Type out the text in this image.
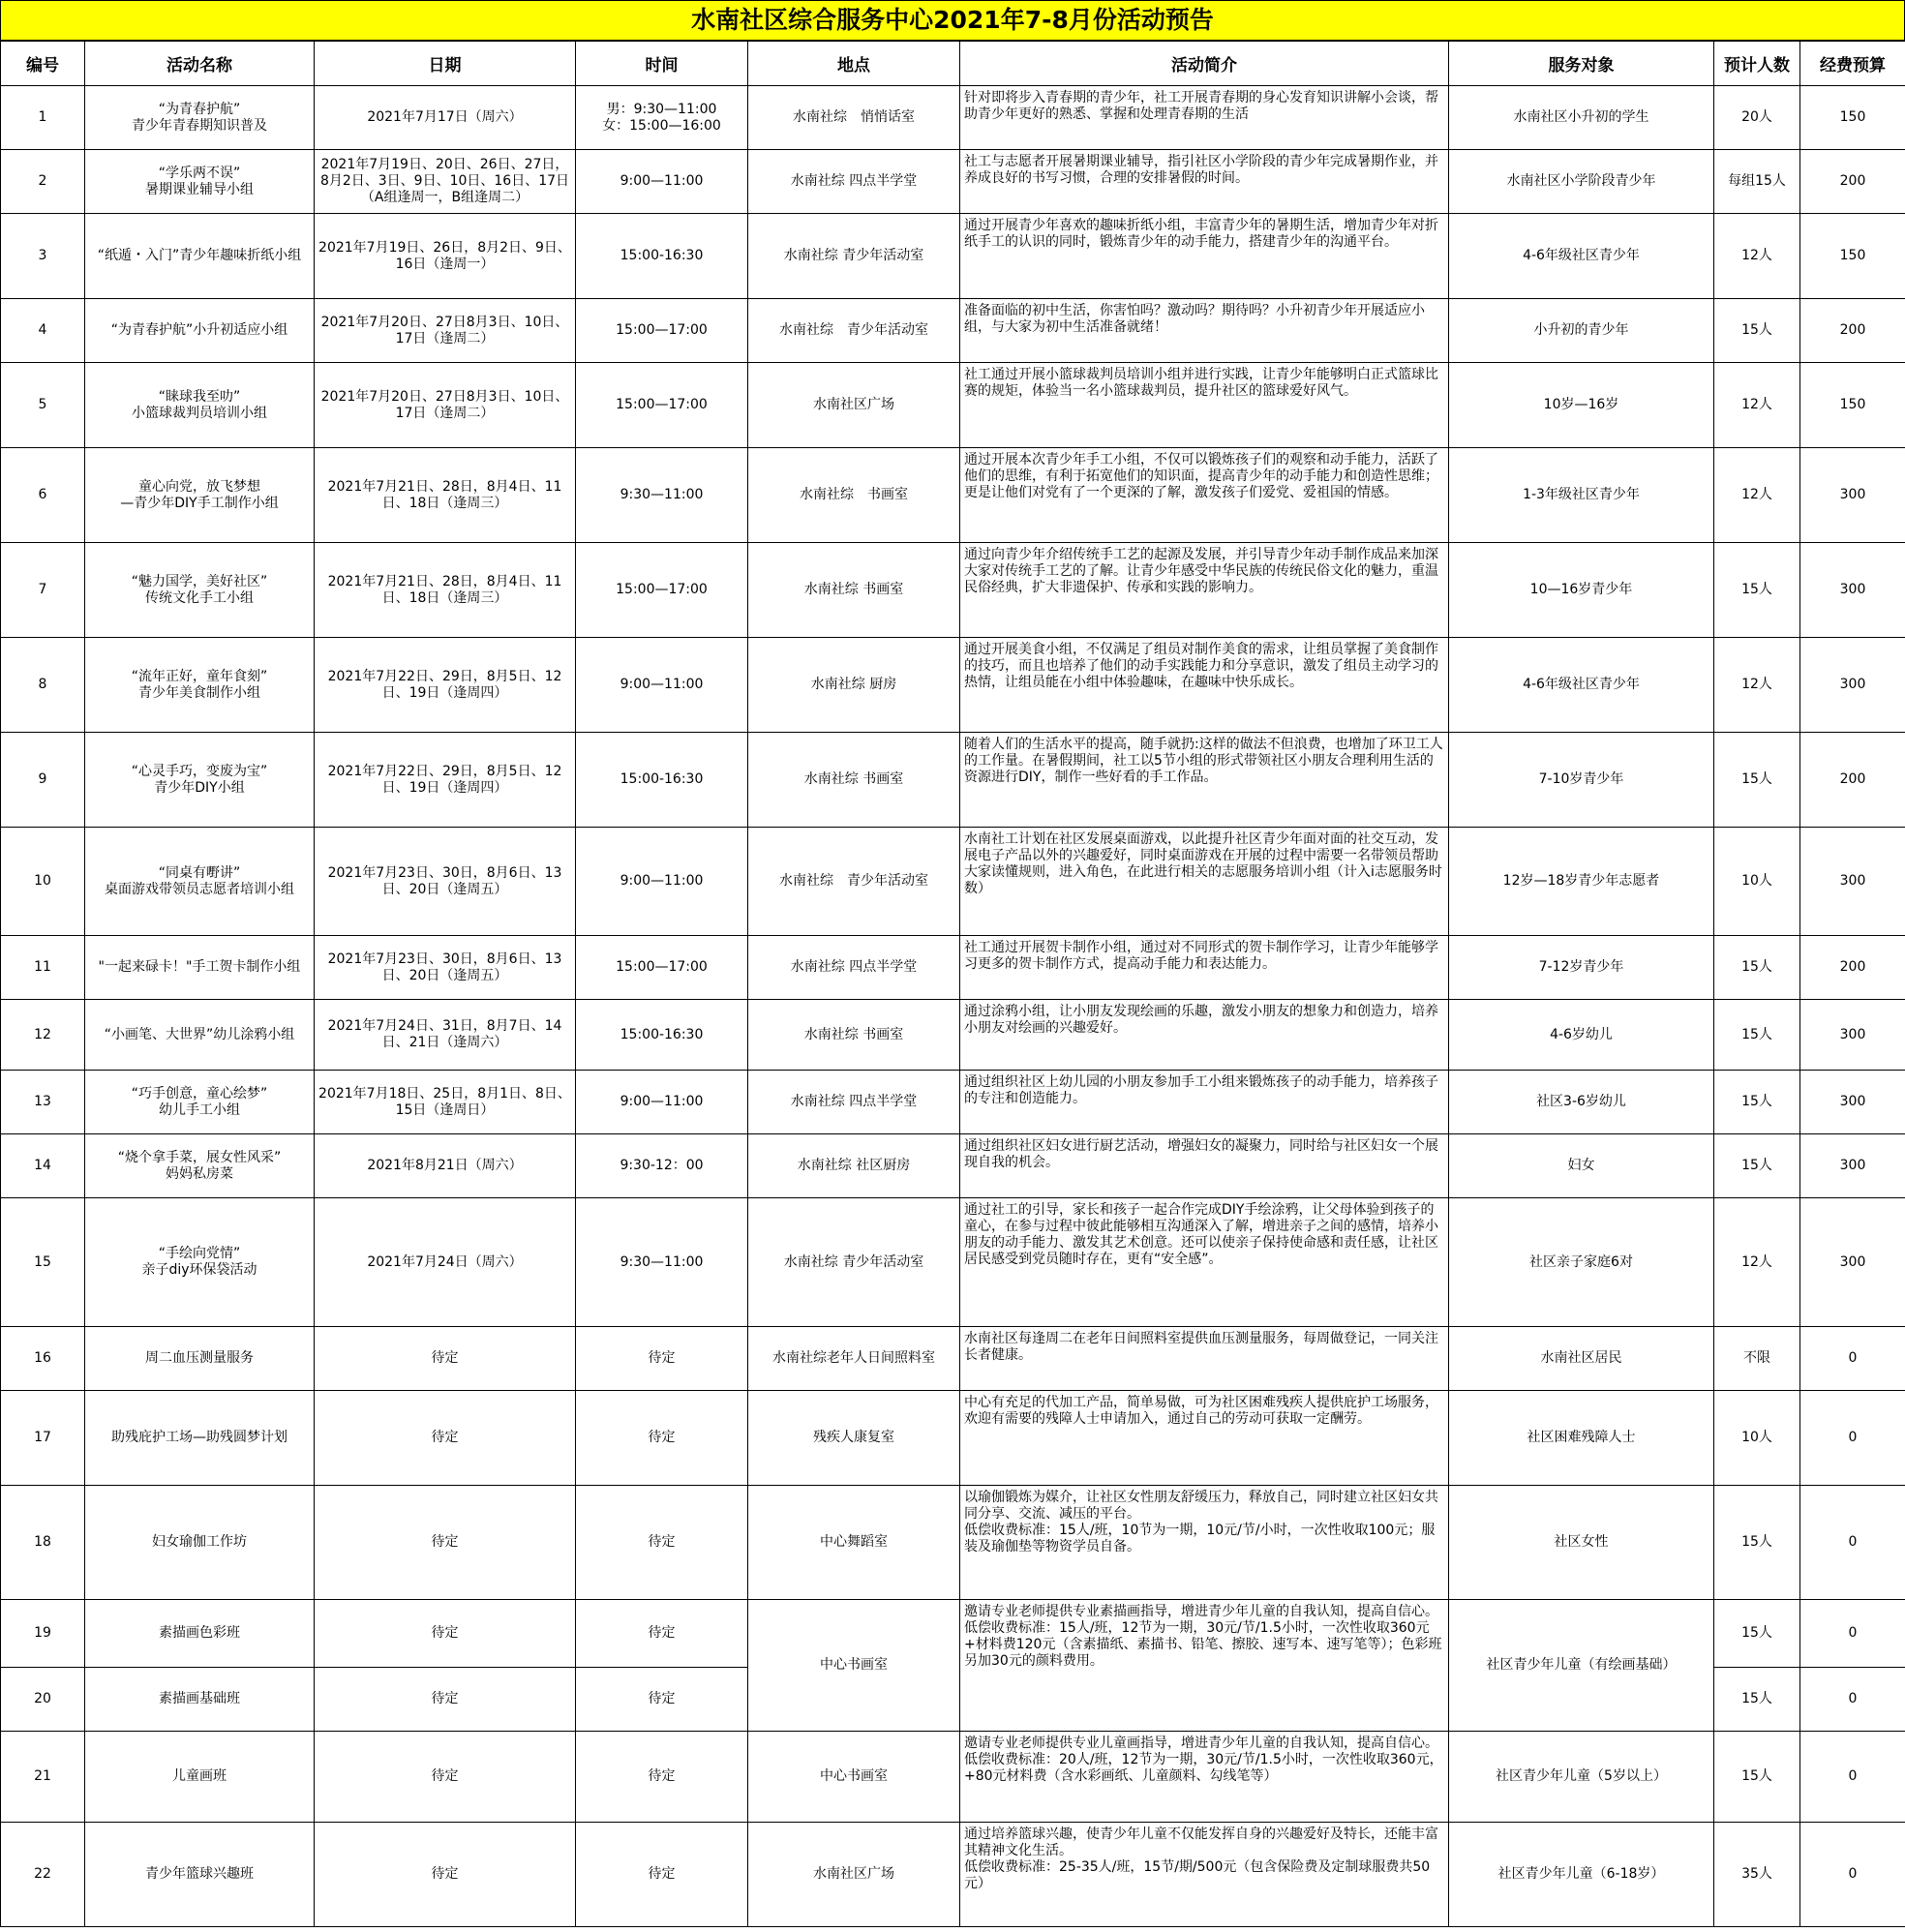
水南社区综合服务中心2021年7-8月份活动预告
编号	活动名称	日期	时间	地点	活动简介	服务对象	预计人数	经费预算
1	“为青春护航”
青少年青春期知识普及	2021年7月17日（周六）	男：9:30—11:00
女：15:00—16:00	水南社综　悄悄话室	针对即将步入青春期的青少年，社工开展青春期的身心发育知识讲解小会谈，帮助青少年更好的熟悉、掌握和处理青春期的生活	水南社区小升初的学生	20人	150
2	“学乐两不误”
暑期课业辅导小组	2021年7月19日、20日、26日、27日，8月2日、3日、9日、10日、16日、17日（A组逢周一，B组逢周二）	9:00—11:00	水南社综 四点半学堂	社工与志愿者开展暑期课业辅导，指引社区小学阶段的青少年完成暑期作业，并养成良好的书写习惯，合理的安排暑假的时间。	水南社区小学阶段青少年	每组15人	200
3	“纸遁・入门”青少年趣味折纸小组	2021年7月19日、26日，8月2日、9日、16日（逢周一）	15:00-16:30	水南社综 青少年活动室	通过开展青少年喜欢的趣味折纸小组，丰富青少年的暑期生活，增加青少年对折纸手工的认识的同时，锻炼青少年的动手能力，搭建青少年的沟通平台。	4-6年级社区青少年	12人	150
4	“为青春护航”小升初适应小组	2021年7月20日、27日8月3日、10日、17日（逢周二）	15:00—17:00	水南社综　青少年活动室	准备面临的初中生活，你害怕吗？激动吗？期待吗？小升初青少年开展适应小组，与大家为初中生活准备就绪！	小升初的青少年	15人	200
5	“睐球我至叻”
小篮球裁判员培训小组	2021年7月20日、27日8月3日、10日、17日（逢周二）	15:00—17:00	水南社区广场	社工通过开展小篮球裁判员培训小组并进行实践，让青少年能够明白正式篮球比赛的规矩，体验当一名小篮球裁判员，提升社区的篮球爱好风气。	10岁—16岁	12人	150
6	童心向党，放飞梦想
—青少年DIY手工制作小组	2021年7月21日、28日，8月4日、11日、18日（逢周三）	9:30—11:00	水南社综　书画室	通过开展本次青少年手工小组，不仅可以锻炼孩子们的观察和动手能力，活跃了他们的思维，有利于拓宽他们的知识面，提高青少年的动手能力和创造性思维；更是让他们对党有了一个更深的了解，激发孩子们爱党、爱祖国的情感。	1-3年级社区青少年	12人	300
7	“魅力国学，美好社区”
传统文化手工小组	2021年7月21日、28日，8月4日、11日、18日（逢周三）	15:00—17:00	水南社综 书画室	通过向青少年介绍传统手工艺的起源及发展，并引导青少年动手制作成品来加深大家对传统手工艺的了解。让青少年感受中华民族的传统民俗文化的魅力，重温民俗经典，扩大非遗保护、传承和实践的影响力。	10—16岁青少年	15人	300
8	“流年正好，童年食刻”
青少年美食制作小组	2021年7月22日、29日，8月5日、12日、19日（逢周四）	9:00—11:00	水南社综 厨房	通过开展美食小组，不仅满足了组员对制作美食的需求，让组员掌握了美食制作的技巧，而且也培养了他们的动手实践能力和分享意识，激发了组员主动学习的热情，让组员能在小组中体验趣味，在趣味中快乐成长。	4-6年级社区青少年	12人	300
9	“心灵手巧，变废为宝”
青少年DIY小组	2021年7月22日、29日，8月5日、12日、19日（逢周四）	15:00-16:30	水南社综 书画室	随着人们的生活水平的提高，随手就扔:这样的做法不但浪费，也增加了环卫工人的工作量。在暑假期间，社工以5节小组的形式带领社区小朋友合理利用生活的资源进行DIY，制作一些好看的手工作品。	7-10岁青少年	15人	200
10	“同桌有嘢讲”
桌面游戏带领员志愿者培训小组	2021年7月23日、30日，8月6日、13日、20日（逢周五）	9:00—11:00	水南社综　青少年活动室	水南社工计划在社区发展桌面游戏，以此提升社区青少年面对面的社交互动，发展电子产品以外的兴趣爱好，同时桌面游戏在开展的过程中需要一名带领员帮助大家读懂规则，进入角色，在此进行相关的志愿服务培训小组（计入i志愿服务时数）	12岁—18岁青少年志愿者	10人	300
11	"一起来碌卡！"手工贺卡制作小组	2021年7月23日、30日，8月6日、13日、20日（逢周五）	15:00—17:00	水南社综 四点半学堂	社工通过开展贺卡制作小组，通过对不同形式的贺卡制作学习，让青少年能够学习更多的贺卡制作方式，提高动手能力和表达能力。	7-12岁青少年	15人	200
12	“小画笔、大世界”幼儿涂鸦小组	2021年7月24日、31日，8月7日、14日、21日（逢周六）	15:00-16:30	水南社综 书画室	通过涂鸦小组，让小朋友发现绘画的乐趣，激发小朋友的想象力和创造力，培养小朋友对绘画的兴趣爱好。	4-6岁幼儿	15人	300
13	“巧手创意，童心绘梦”
幼儿手工小组	2021年7月18日、25日，8月1日、8日、15日（逢周日）	9:00—11:00	水南社综 四点半学堂	通过组织社区上幼儿园的小朋友参加手工小组来锻炼孩子的动手能力，培养孩子的专注和创造能力。	社区3-6岁幼儿	15人	300
14	“烧个拿手菜，展女性风采”
妈妈私房菜	2021年8月21日（周六）	9:30-12：00	水南社综 社区厨房	通过组织社区妇女进行厨艺活动，增强妇女的凝聚力，同时给与社区妇女一个展现自我的机会。	妇女	15人	300
15	“手绘向党情”
亲子diy环保袋活动	2021年7月24日（周六）	9:30—11:00	水南社综 青少年活动室	通过社工的引导，家长和孩子一起合作完成DIY手绘涂鸦，让父母体验到孩子的童心，在参与过程中彼此能够相互沟通深入了解，增进亲子之间的感情，培养小朋友的动手能力、激发其艺术创意。还可以使亲子保持使命感和责任感，让社区居民感受到党员随时存在，更有“安全感”。	社区亲子家庭6对	12人	300
16	周二血压测量服务	待定	待定	水南社综老年人日间照料室	水南社区每逢周二在老年日间照料室提供血压测量服务，每周做登记，一同关注长者健康。	水南社区居民	不限	0
17	助残庇护工场—助残圆梦计划	待定	待定	残疾人康复室	中心有充足的代加工产品，简单易做，可为社区困难残疾人提供庇护工场服务，欢迎有需要的残障人士申请加入，通过自己的劳动可获取一定酬劳。	社区困难残障人士	10人	0
18	妇女瑜伽工作坊	待定	待定	中心舞蹈室	以瑜伽锻炼为媒介，让社区女性朋友舒缓压力，释放自己，同时建立社区妇女共同分享、交流、减压的平台。
低偿收费标准：15人/班，10节为一期，10元/节/小时，一次性收取100元；服装及瑜伽垫等物资学员自备。	社区女性	15人	0
19	素描画色彩班	待定	待定	中心书画室	邀请专业老师提供专业素描画指导，增进青少年儿童的自我认知，提高自信心。
低偿收费标准：15人/班，12节为一期，30元/节/1.5小时，一次性收取360元+材料费120元（含素描纸、素描书、铅笔、擦胶、速写本、速写笔等）；色彩班另加30元的颜料费用。	社区青少年儿童（有绘画基础）	15人	0
20	素描画基础班	待定	待定				15人	0
21	儿童画班	待定	待定	中心书画室	邀请专业老师提供专业儿童画指导，增进青少年儿童的自我认知，提高自信心。
低偿收费标准：20人/班，12节为一期，30元/节/1.5小时，一次性收取360元，+80元材料费（含水彩画纸、儿童颜料、勾线笔等）	社区青少年儿童（5岁以上）	15人	0
22	青少年篮球兴趣班	待定	待定	水南社区广场	通过培养篮球兴趣，使青少年儿童不仅能发挥自身的兴趣爱好及特长，还能丰富其精神文化生活。
低偿收费标准：25-35人/班，15节/期/500元（包含保险费及定制球服费共50元）	社区青少年儿童（6-18岁）	35人	0
